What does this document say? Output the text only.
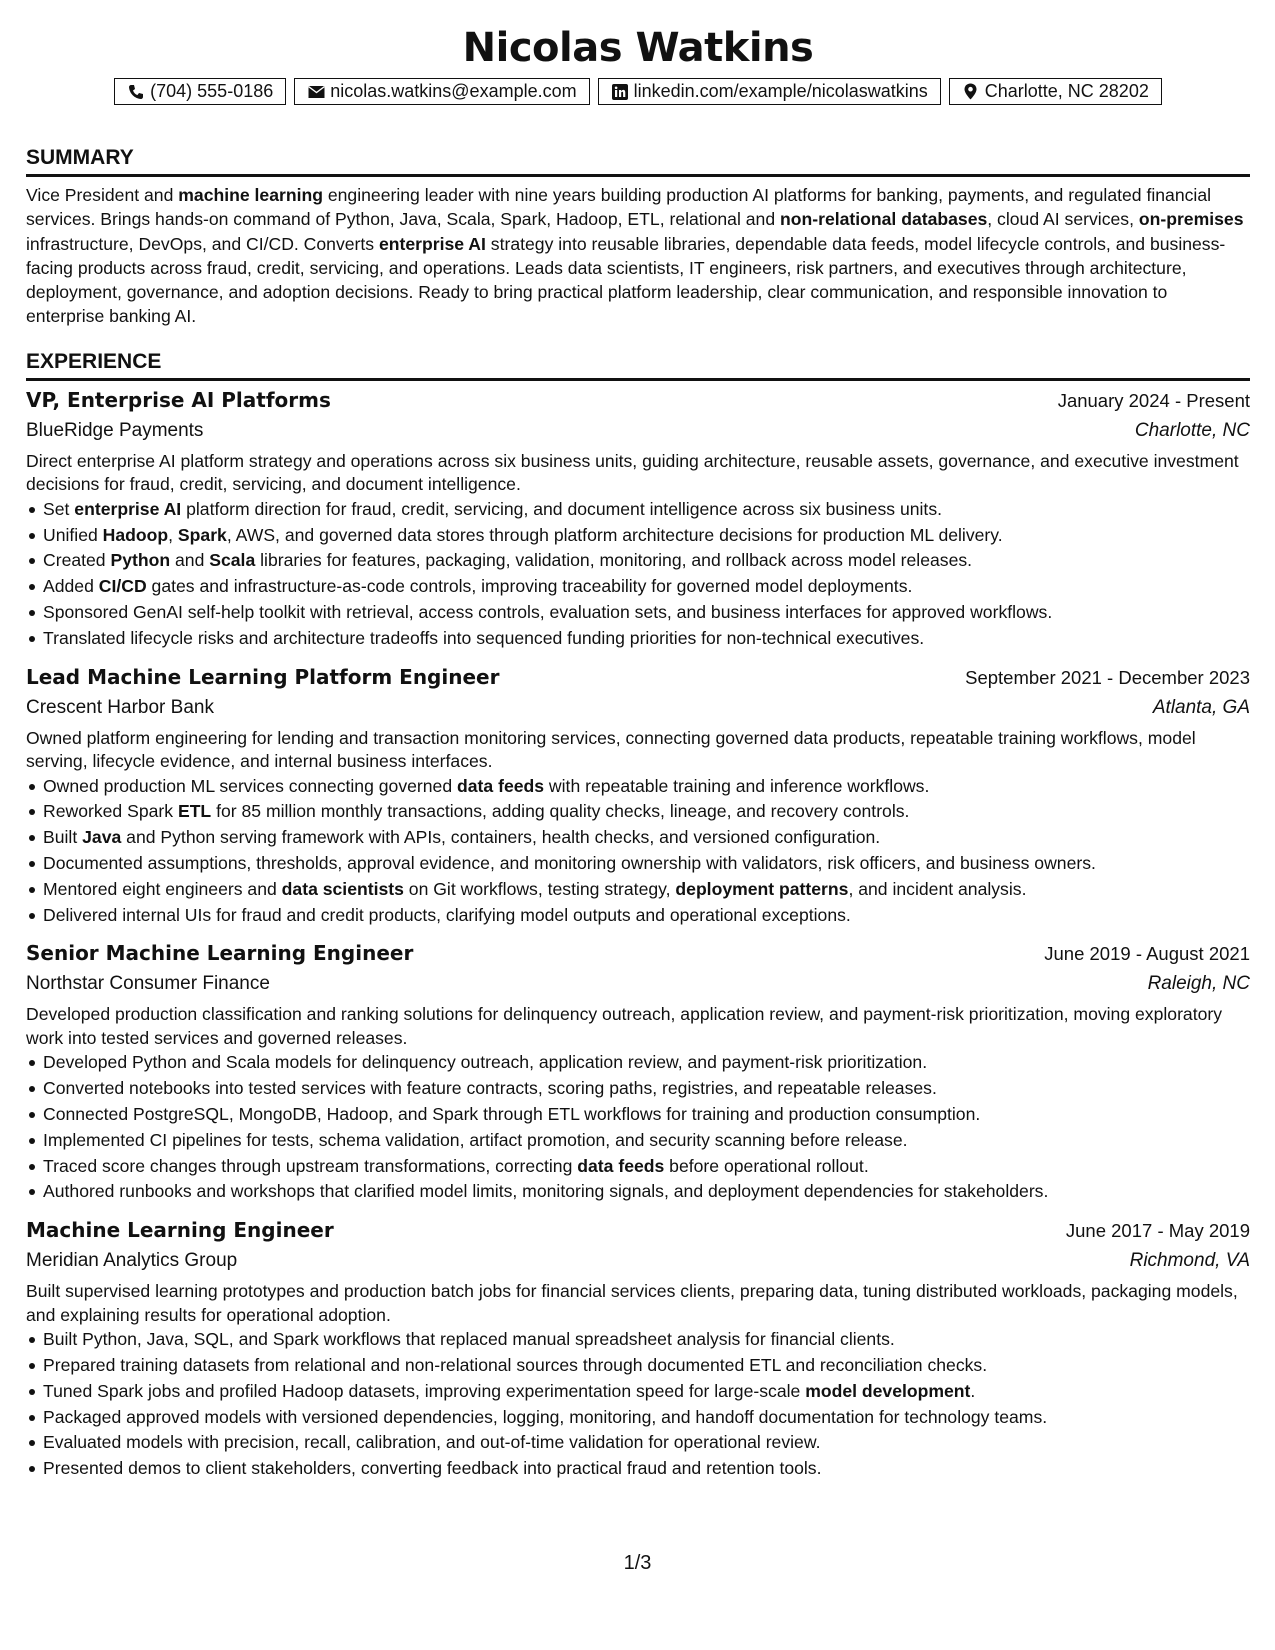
Nicolas Watkins
(704) 555-0186	nicolas.watkins@example.com	linkedin.com/example/nicolaswatkins	Charlotte, NC 28202
SUMMARY

Vice President and machine learning engineering leader with nine years building production AI platforms for banking, payments, and regulated financial services. Brings hands-on command of Python, Java, Scala, Spark, Hadoop, ETL, relational and non-relational databases, cloud AI services, on-premises infrastructure, DevOps, and CI/CD. Converts enterprise AI strategy into reusable libraries, dependable data feeds, model lifecycle controls, and business-facing products across fraud, credit, servicing, and operations. Leads data scientists, IT engineers, risk partners, and executives through architecture, deployment, governance, and adoption decisions. Ready to bring practical platform leadership, clear communication, and responsible innovation to enterprise banking AI.

EXPERIENCE
VP, Enterprise AI Platforms	January 2024 - Present
BlueRidge Payments	Charlotte, NC

Direct enterprise AI platform strategy and operations across six business units, guiding architecture, reusable assets, governance, and executive investment decisions for fraud, credit, servicing, and document intelligence.

Set enterprise AI platform direction for fraud, credit, servicing, and document intelligence across six business units.
Unified Hadoop, Spark, AWS, and governed data stores through platform architecture decisions for production ML delivery.
Created Python and Scala libraries for features, packaging, validation, monitoring, and rollback across model releases.
Added CI/CD gates and infrastructure-as-code controls, improving traceability for governed model deployments.
Sponsored GenAI self-help toolkit with retrieval, access controls, evaluation sets, and business interfaces for approved workflows.
Translated lifecycle risks and architecture tradeoffs into sequenced funding priorities for non-technical executives.
Lead Machine Learning Platform Engineer	September 2021 - December 2023
Crescent Harbor Bank	Atlanta, GA

Owned platform engineering for lending and transaction monitoring services, connecting governed data products, repeatable training workflows, model serving, lifecycle evidence, and internal business interfaces.

Owned production ML services connecting governed data feeds with repeatable training and inference workflows.
Reworked Spark ETL for 85 million monthly transactions, adding quality checks, lineage, and recovery controls.
Built Java and Python serving framework with APIs, containers, health checks, and versioned configuration.
Documented assumptions, thresholds, approval evidence, and monitoring ownership with validators, risk officers, and business owners.
Mentored eight engineers and data scientists on Git workflows, testing strategy, deployment patterns, and incident analysis.
Delivered internal UIs for fraud and credit products, clarifying model outputs and operational exceptions.
Senior Machine Learning Engineer	June 2019 - August 2021
Northstar Consumer Finance	Raleigh, NC

Developed production classification and ranking solutions for delinquency outreach, application review, and payment-risk prioritization, moving exploratory work into tested services and governed releases.

Developed Python and Scala models for delinquency outreach, application review, and payment-risk prioritization.
Converted notebooks into tested services with feature contracts, scoring paths, registries, and repeatable releases.
Connected PostgreSQL, MongoDB, Hadoop, and Spark through ETL workflows for training and production consumption.
Implemented CI pipelines for tests, schema validation, artifact promotion, and security scanning before release.
Traced score changes through upstream transformations, correcting data feeds before operational rollout.
Authored runbooks and workshops that clarified model limits, monitoring signals, and deployment dependencies for stakeholders.
Machine Learning Engineer	June 2017 - May 2019
Meridian Analytics Group	Richmond, VA

Built supervised learning prototypes and production batch jobs for financial services clients, preparing data, tuning distributed workloads, packaging models, and explaining results for operational adoption.

Built Python, Java, SQL, and Spark workflows that replaced manual spreadsheet analysis for financial clients.
Prepared training datasets from relational and non-relational sources through documented ETL and reconciliation checks.
Tuned Spark jobs and profiled Hadoop datasets, improving experimentation speed for large-scale model development.
Packaged approved models with versioned dependencies, logging, monitoring, and handoff documentation for technology teams.
Evaluated models with precision, recall, calibration, and out-of-time validation for operational review.
Presented demos to client stakeholders, converting feedback into practical fraud and retention tools.
1/3
